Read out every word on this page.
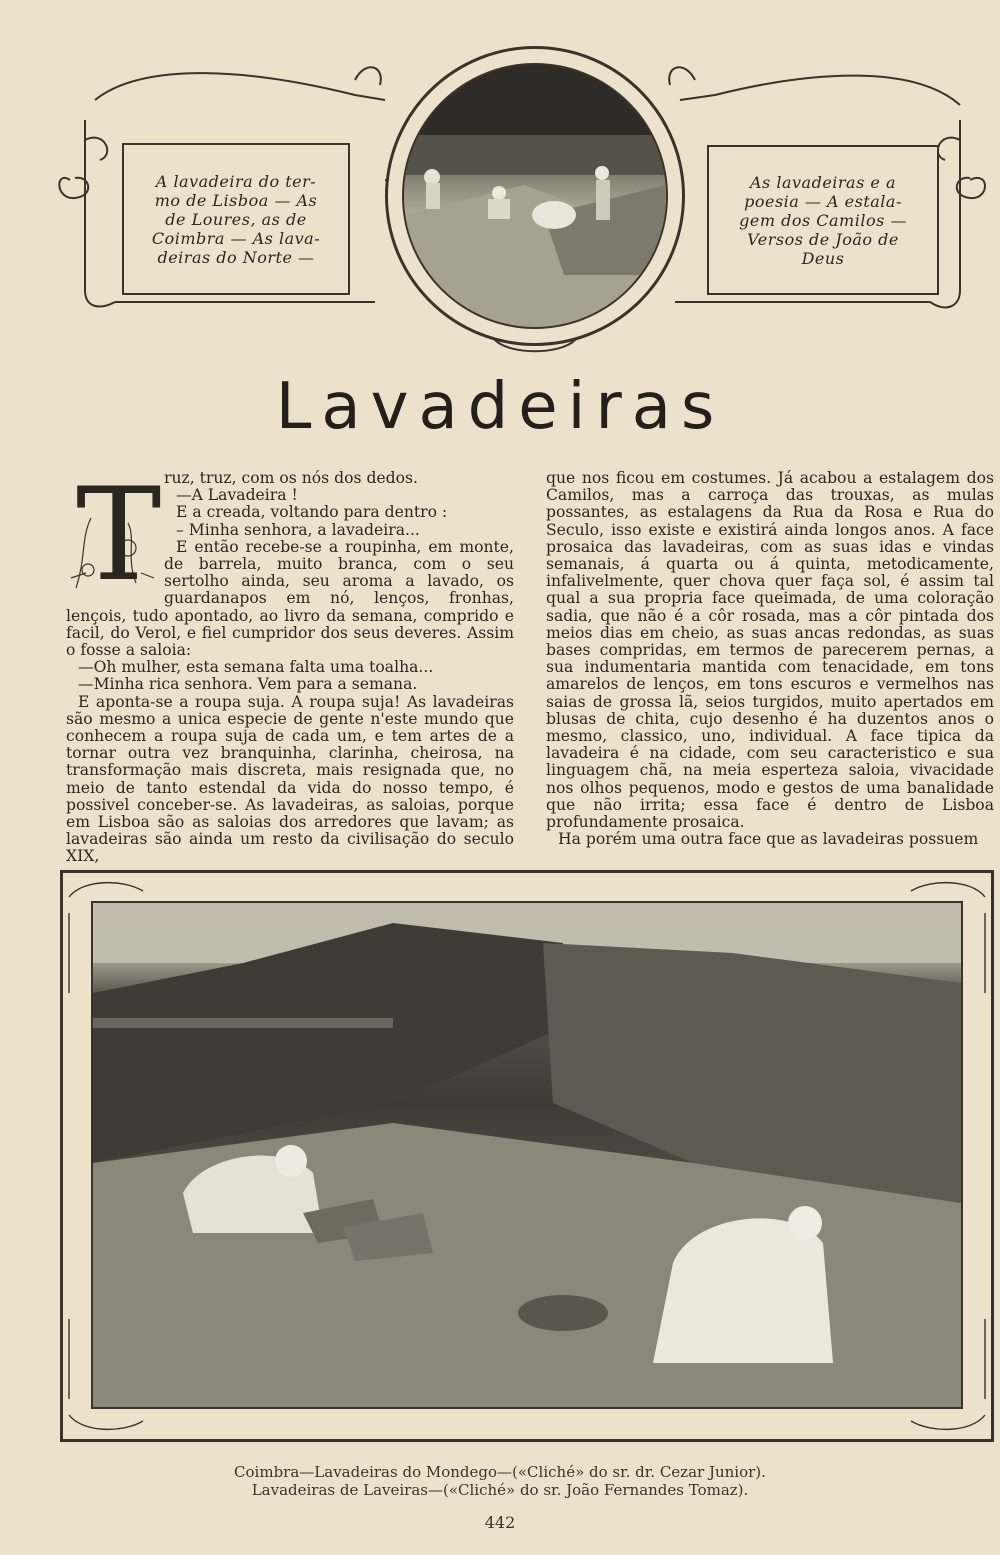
A lavadeira do ter-
mo de Lisboa — As
de Loures, as de
Coimbra — As lava-
deiras do Norte —
As lavadeiras e a
poesia — A estala-
gem dos Camilos —
Versos de João de
Deus
Lavadeiras
T ruz, truz, com os nós dos dedos.

—A Lavadeira !

E a creada, voltando para dentro :

– Minha senhora, a lavadeira...

E então recebe-se a roupinha, em monte, de barrela, muito branca, com o seu sertolho ainda, seu aroma a lavado, os guardanapos em nó, lenços, fronhas, lençois, tudo apontado, ao livro da semana, comprido e facil, do Verol, e fiel cumpridor dos seus deveres. Assim o fosse a saloia:

—Oh mulher, esta semana falta uma toalha...

—Minha rica senhora. Vem para a semana.

E aponta-se a roupa suja. A roupa suja! As lavadeiras são mesmo a unica especie de gente n'este mundo que conhecem a roupa suja de cada um, e tem artes de a tornar outra vez branquinha, clarinha, cheirosa, na transformação mais discreta, mais resignada que, no meio de tanto estendal da vida do nosso tempo, é possivel conceber-se. As lavadeiras, as saloias, porque em Lisboa são as saloias dos arredores que lavam; as lavadeiras são ainda um resto da civilisação do seculo XIX,

que nos ficou em costumes. Já acabou a estalagem dos Camilos, mas a carroça das trouxas, as mulas possantes, as estalagens da Rua da Rosa e Rua do Seculo, isso existe e existirá ainda longos anos. A face prosaica das lavadeiras, com as suas idas e vindas semanais, á quarta ou á quinta, metodicamente, infalivelmente, quer chova quer faça sol, é assim tal qual a sua propria face queimada, de uma coloração sadia, que não é a côr rosada, mas a côr pintada dos meios dias em cheio, as suas ancas redondas, as suas bases compridas, em termos de parecerem pernas, a sua indumentaria mantida com tenacidade, em tons amarelos de lenços, em tons escuros e vermelhos nas saias de grossa lã, seios turgidos, muito apertados em blusas de chita, cujo desenho é ha duzentos anos o mesmo, classico, uno, individual. A face tipica da lavadeira é na cidade, com seu caracteristico e sua linguagem chã, na meia esperteza saloia, vivacidade nos olhos pequenos, modo e gestos de uma banalidade que não irrita; essa face é dentro de Lisboa profundamente prosaica.

Ha porém uma outra face que as lavadeiras possuem

Coimbra—Lavadeiras do Mondego—(«Cliché» do sr. dr. Cezar Junior).
Lavadeiras de Laveiras—(«Cliché» do sr. João Fernandes Tomaz).
442
